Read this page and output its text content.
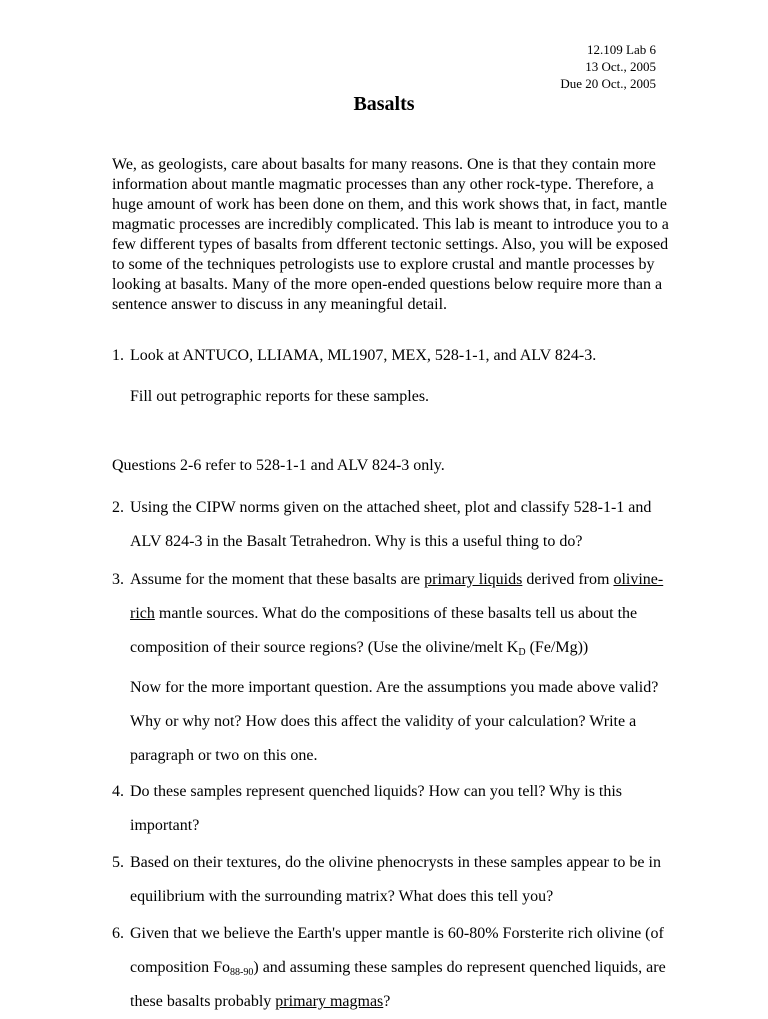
12.109 Lab 6
13 Oct., 2005
Due 20 Oct., 2005
Basalts
We, as geologists, care about basalts for many reasons. One is that they contain more information about mantle magmatic processes than any other rock-type. Therefore, a huge amount of work has been done on them, and this work shows that, in fact, mantle magmatic processes are incredibly complicated. This lab is meant to introduce you to a few different types of basalts from dfferent tectonic settings. Also, you will be exposed to some of the techniques petrologists use to explore crustal and mantle processes by looking at basalts. Many of the more open-ended questions below require more than a sentence answer to discuss in any meaningful detail.
1. Look at ANTUCO, LLIAMA, ML1907, MEX, 528-1-1, and ALV 824-3.
Fill out petrographic reports for these samples.
Questions 2-6 refer to 528-1-1 and ALV 824-3 only.
2. Using the CIPW norms given on the attached sheet, plot and classify 528-1-1 and ALV 824-3 in the Basalt Tetrahedron. Why is this a useful thing to do?
3. Assume for the moment that these basalts are primary liquids derived from olivine-rich mantle sources. What do the compositions of these basalts tell us about the composition of their source regions? (Use the olivine/melt $K_D$ (Fe/Mg))
Now for the more important question. Are the assumptions you made above valid? Why or why not? How does this affect the validity of your calculation? Write a paragraph or two on this one.
4. Do these samples represent quenched liquids? How can you tell? Why is this important?
5. Based on their textures, do the olivine phenocrysts in these samples appear to be in equilibrium with the surrounding matrix? What does this tell you?
6. Given that we believe the Earth's upper mantle is 60-80% Forsterite rich olivine (of composition $Fo_{88-90}$) and assuming these samples do represent quenched liquids, are these basalts probably primary magmas?
